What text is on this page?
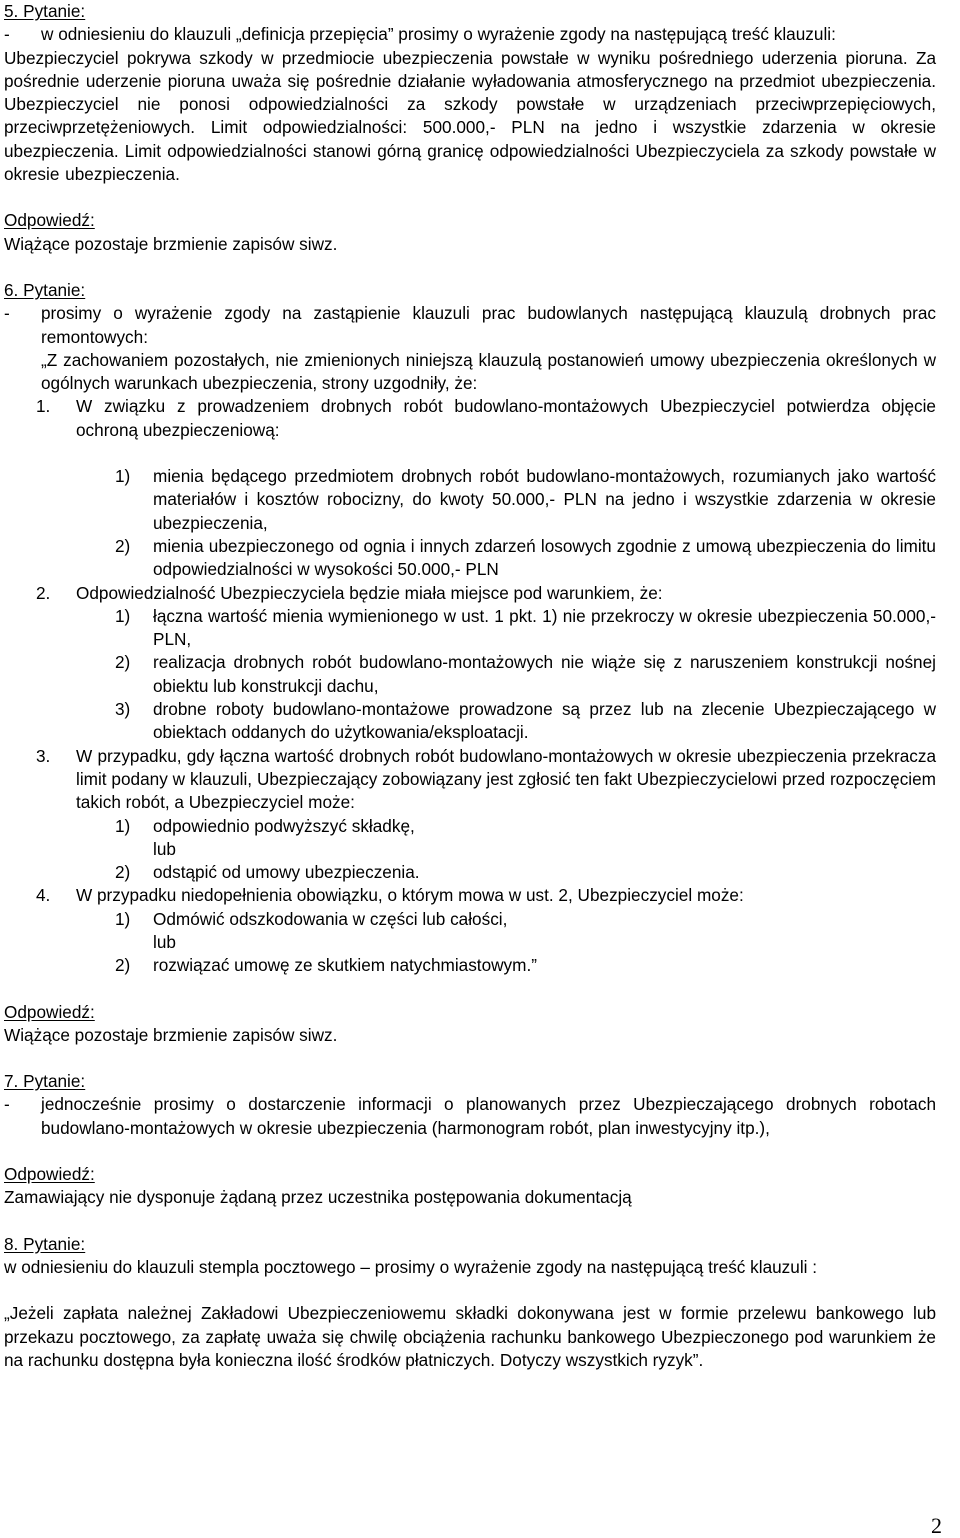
5. Pytanie:
-	w odniesieniu do klauzuli „definicja przepięcia” prosimy o wyrażenie zgody na następującą treść klauzuli:
Ubezpieczyciel pokrywa szkody w przedmiocie ubezpieczenia powstałe w wyniku pośredniego uderzenia pioruna. Za pośrednie uderzenie pioruna uważa się pośrednie działanie wyładowania atmosferycznego na przedmiot ubezpieczenia. Ubezpieczyciel nie ponosi odpowiedzialności za szkody powstałe w urządzeniach przeciwprzepięciowych, przeciwprzetężeniowych. Limit odpowiedzialności: 500.000,- PLN na jedno i wszystkie zdarzenia w okresie ubezpieczenia. Limit odpowiedzialności stanowi górną granicę odpowiedzialności Ubezpieczyciela za szkody powstałe w okresie ubezpieczenia.
Odpowiedź:
Wiążące pozostaje brzmienie zapisów siwz.
6. Pytanie:
-	prosimy o wyrażenie zgody na zastąpienie klauzuli prac budowlanych następującą klauzulą drobnych prac remontowych:
„Z zachowaniem pozostałych, nie zmienionych niniejszą klauzulą postanowień umowy ubezpieczenia określonych w ogólnych warunkach ubezpieczenia, strony uzgodniły, że:
1.	W związku z prowadzeniem drobnych robót budowlano-montażowych Ubezpieczyciel potwierdza objęcie ochroną ubezpieczeniową:
1)	mienia będącego przedmiotem drobnych robót budowlano-montażowych, rozumianych jako wartość materiałów i kosztów robocizny, do kwoty 50.000,- PLN na jedno i wszystkie zdarzenia w okresie ubezpieczenia,
2)	mienia ubezpieczonego od ognia i innych zdarzeń losowych zgodnie z umową ubezpieczenia do limitu odpowiedzialności w wysokości 50.000,- PLN
2.	Odpowiedzialność Ubezpieczyciela będzie miała miejsce pod warunkiem, że:
1)	łączna wartość mienia wymienionego w ust. 1 pkt. 1) nie przekroczy w okresie ubezpieczenia 50.000,- PLN,
2)	realizacja drobnych robót budowlano-montażowych nie wiąże się z naruszeniem konstrukcji nośnej obiektu lub konstrukcji dachu,
3)	drobne roboty budowlano-montażowe prowadzone są przez lub na zlecenie Ubezpieczającego w obiektach oddanych do użytkowania/eksploatacji.
3.	W przypadku, gdy łączna wartość drobnych robót budowlano-montażowych w okresie ubezpieczenia przekracza limit podany w klauzuli, Ubezpieczający zobowiązany jest zgłosić ten fakt Ubezpieczycielowi przed rozpoczęciem takich robót, a Ubezpieczyciel może:
1)	odpowiednio podwyższyć składkę,
lub
2)	odstąpić od umowy ubezpieczenia.
4.	W przypadku niedopełnienia obowiązku, o którym mowa w ust. 2, Ubezpieczyciel może:
1)	Odmówić odszkodowania w części lub całości,
lub
2)	rozwiązać umowę ze skutkiem natychmiastowym.”
Odpowiedź:
Wiążące pozostaje brzmienie zapisów siwz.
7. Pytanie:
-	jednocześnie prosimy o dostarczenie informacji o planowanych przez Ubezpieczającego drobnych robotach budowlano-montażowych w okresie ubezpieczenia (harmonogram robót, plan inwestycyjny itp.),
Odpowiedź:
Zamawiający nie dysponuje żądaną przez uczestnika postępowania dokumentacją
8. Pytanie:
w odniesieniu do klauzuli stempla pocztowego – prosimy o wyrażenie zgody na następującą treść klauzuli :
„Jeżeli zapłata należnej Zakładowi Ubezpieczeniowemu składki dokonywana jest w formie przelewu bankowego lub przekazu pocztowego, za zapłatę uważa się chwilę obciążenia rachunku bankowego Ubezpieczonego pod warunkiem że na rachunku dostępna była konieczna ilość środków płatniczych. Dotyczy wszystkich ryzyk”.
2
